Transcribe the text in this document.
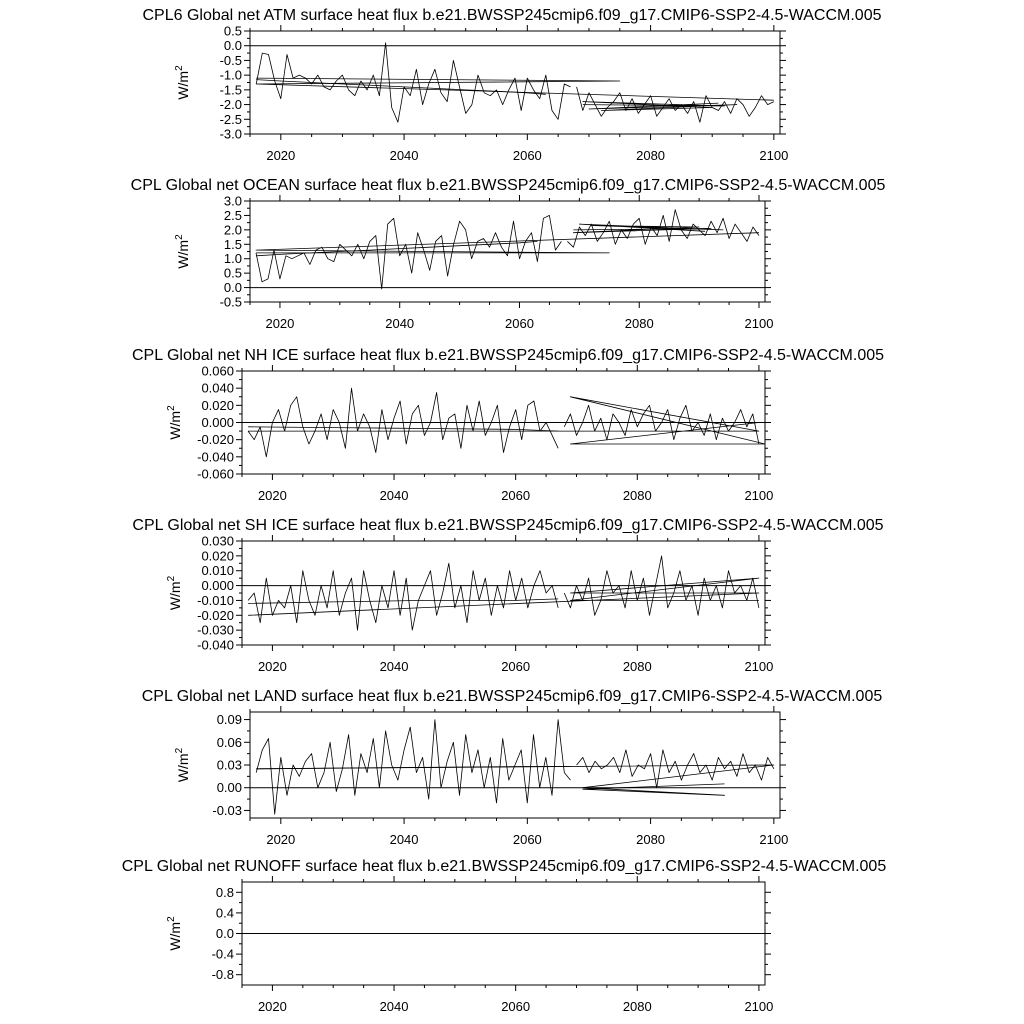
CPL6 Global net ATM surface heat flux b.e21.BWSSP245cmip6.f09_g17.CMIP6-SSP2-4.5-WACCM.005
0.5
0.0
-0.5
-1.0
-1.5
-2.0
-2.5
-3.0
2020	2040	2060	2080	2100
$W/m^2$
CPL Global net OCEAN surface heat flux b.e21.BWSSP245cmip6.f09_g17.CMIP6-SSP2-4.5-WACCM.005
3.0
2.5
2.0
1.5
1.0
0.5
0.0
-0.5
2020	2040	2060	2080	2100
$W/m^2$
CPL Global net NH ICE surface heat flux b.e21.BWSSP245cmip6.f09_g17.CMIP6-SSP2-4.5-WACCM.005
0.060
0.040
0.020
0.000
-0.020
-0.040
-0.060
2020	2040	2060	2080	2100
$W/m^2$
CPL Global net SH ICE surface heat flux b.e21.BWSSP245cmip6.f09_g17.CMIP6-SSP2-4.5-WACCM.005
0.030
0.020
0.010
0.000
-0.010
-0.020
-0.030
-0.040
2020	2040	2060	2080	2100
$W/m^2$
CPL Global net LAND surface heat flux b.e21.BWSSP245cmip6.f09_g17.CMIP6-SSP2-4.5-WACCM.005
0.09
0.06
0.03
0.00
-0.03
2020	2040	2060	2080	2100
$W/m^2$
CPL Global net RUNOFF surface heat flux b.e21.BWSSP245cmip6.f09_g17.CMIP6-SSP2-4.5-WACCM.005
0.8
0.4
0.0
-0.4
-0.8
2020	2040	2060	2080	2100
$W/m^2$
